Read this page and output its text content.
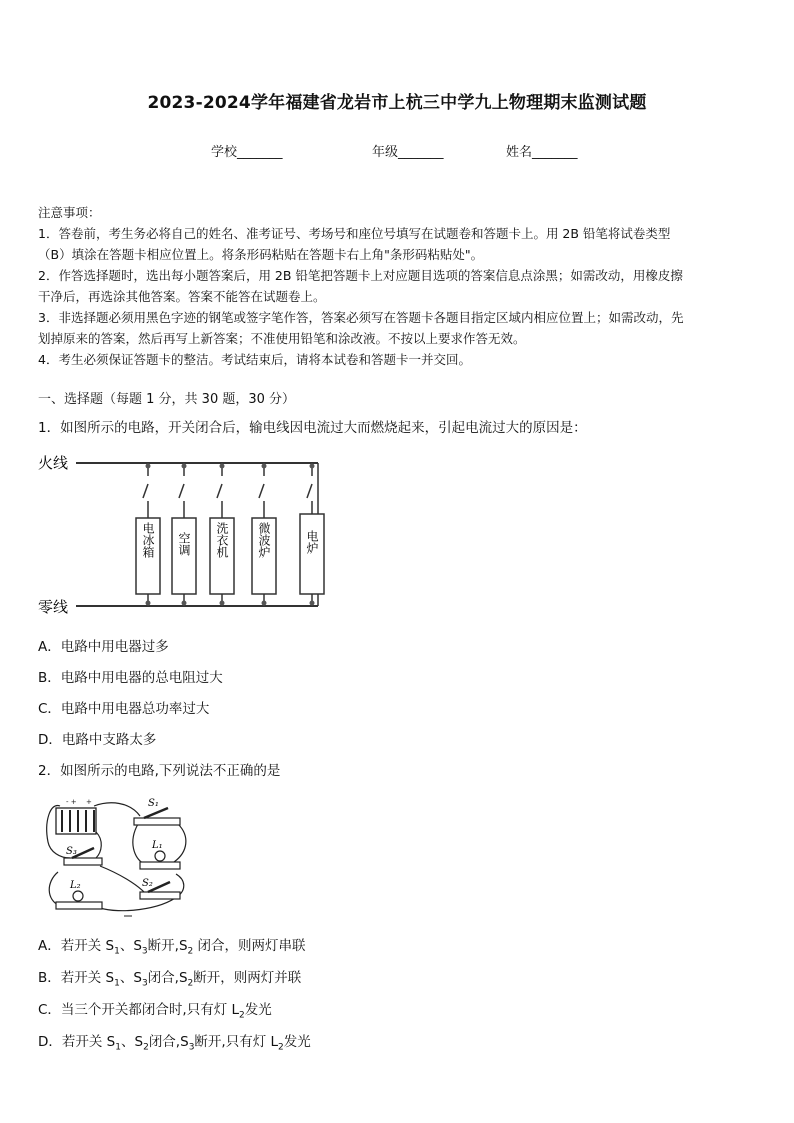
2023-2024学年福建省龙岩市上杭三中学九上物理期末监测试题
学校_______	年级_______	姓名_______

注意事项：

1．答卷前，考生务必将自己的姓名、准考证号、考场号和座位号填写在试题卷和答题卡上。用 2B 铅笔将试卷类型

（B）填涂在答题卡相应位置上。将条形码粘贴在答题卡右上角"条形码粘贴处"。

2．作答选择题时，选出每小题答案后，用 2B 铅笔把答题卡上对应题目选项的答案信息点涂黑；如需改动，用橡皮擦

干净后，再选涂其他答案。答案不能答在试题卷上。

3．非选择题必须用黑色字迹的钢笔或签字笔作答，答案必须写在答题卡各题目指定区域内相应位置上；如需改动，先

划掉原来的答案，然后再写上新答案；不准使用铅笔和涂改液。不按以上要求作答无效。

4．考生必须保证答题卡的整洁。考试结束后，请将本试卷和答题卡一并交回。

一、选择题（每题 1 分，共 30 题，30 分）
1．如图所示的电路，开关闭合后，输电线因电流过大而燃烧起来，引起电流过大的原因是：
火线
零线
电冰箱 空调 洗衣机 微波炉	电炉
A．电路中用电器过多
B．电路中用电器的总电阻过大
C．电路中用电器总功率过大
D．电路中支路太多
2．如图所示的电路,下列说法不正确的是
- + +	S₁
S₃
L₁
S₂
L₂
A．若开关 $S_1$、$S_3$断开$,S_2$ 闭合，则两灯串联
B．若开关 $S_1$、$S_3$闭合$,S_2$断开，则两灯并联
C．当三个开关都闭合时,只有灯 $L_2$发光
D．若开关 $S_1$、$S_2$闭合$,S_3$断开,只有灯 $L_2$发光
